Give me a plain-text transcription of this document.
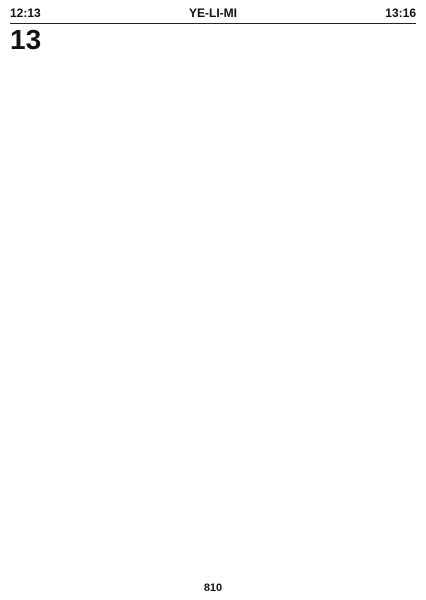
12:13	YE-LI-MI	13:16
13
810
